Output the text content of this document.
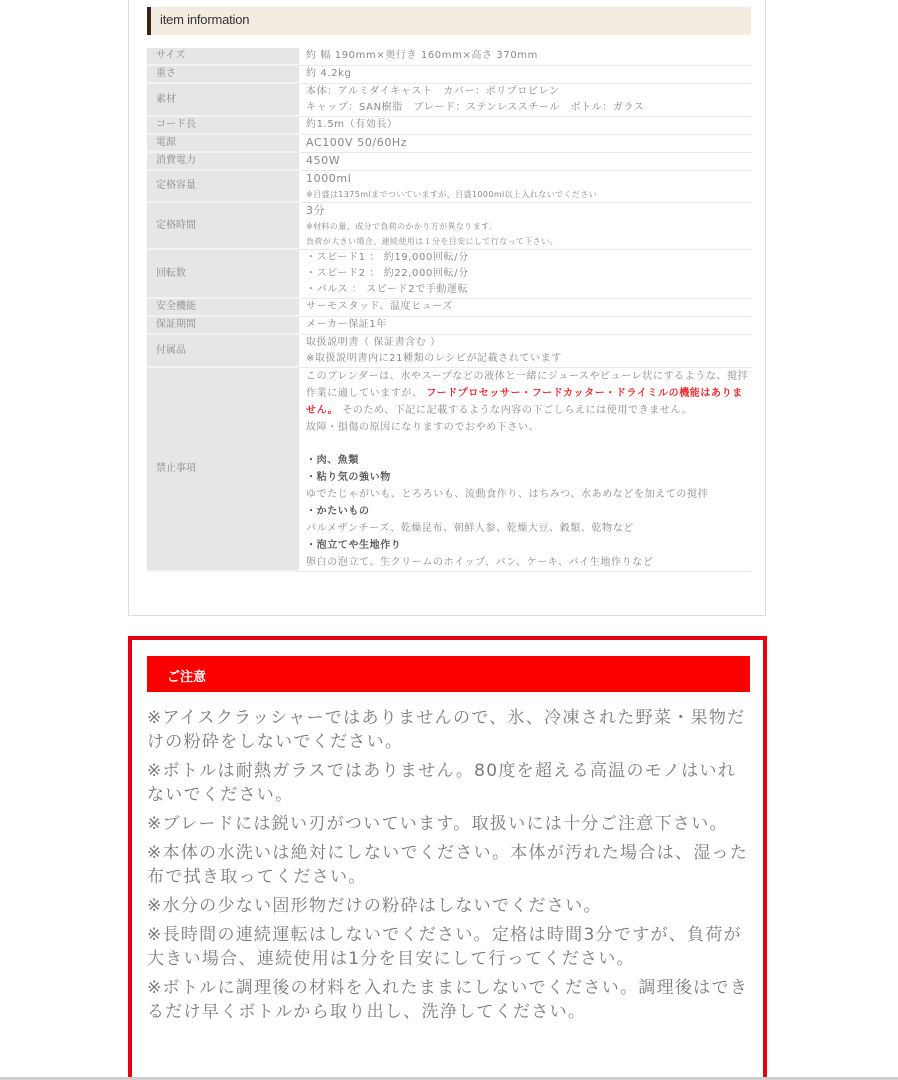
item information
サイズ	約 幅 190mm×奥行き 160mm×高さ 370mm

重さ	約 4.2kg

素材	本体：アルミダイキャスト　カバー：ポリプロピレン
キャップ：SAN樹脂　ブレード：ステンレススチール　ボトル：ガラス

コード長	約1.5m（有効長）

電源	AC100V 50/60Hz

消費電力	450W

定格容量	1000ml
※目盛は1375mlまでついていますが、目盛1000ml以上入れないでください

定格時間	3分
※材料の量、成分で負荷のかかり方が異なります。
負荷が大きい場合、連続使用は１分を目安にして行なって下さい。

回転数	・スピード1 ： 約19,000回転/分
・スピード2 ： 約22,000回転/分
・パルス ： スピード2で手動運転

安全機能	サーモスタッド、温度ヒューズ

保証期間	メーカー保証1年

付属品	取扱説明書（ 保証書含む ）
※取扱説明書内に21種類のレシピが記載されています

禁止事項	このブレンダーは、水やスープなどの液体と一緒にジュースやピューレ状にするような、撹拌作業に適していますが、 フードプロセッサー・フードカッター・ドライミルの機能はありません。 そのため、下記に記載するような内容の下ごしらえには使用できません。
故障・損傷の原因になりますのでおやめ下さい。
・肉、魚類
・粘り気の強い物
ゆでたじゃがいも、とろろいも、流動食作り、はちみつ、水あめなどを加えての撹拌
・かたいもの
パルメザンチーズ、乾燥昆布、朝鮮人参、乾燥大豆、穀類、乾物など
・泡立てや生地作り
卵白の泡立て、生クリームのホイップ、パン、ケーキ、パイ生地作りなど
ご注意
※アイスクラッシャーではありませんので、氷、冷凍された野菜・果物だけの粉砕をしないでください。
※ボトルは耐熱ガラスではありません。80度を超える高温のモノはいれないでください。
※ブレードには鋭い刃がついています。取扱いには十分ご注意下さい。
※本体の水洗いは絶対にしないでください。本体が汚れた場合は、湿った布で拭き取ってください。
※水分の少ない固形物だけの粉砕はしないでください。
※長時間の連続運転はしないでください。定格は時間3分ですが、負荷が大きい場合、連続使用は1分を目安にして行ってください。
※ボトルに調理後の材料を入れたままにしないでください。調理後はできるだけ早くボトルから取り出し、洗浄してください。
